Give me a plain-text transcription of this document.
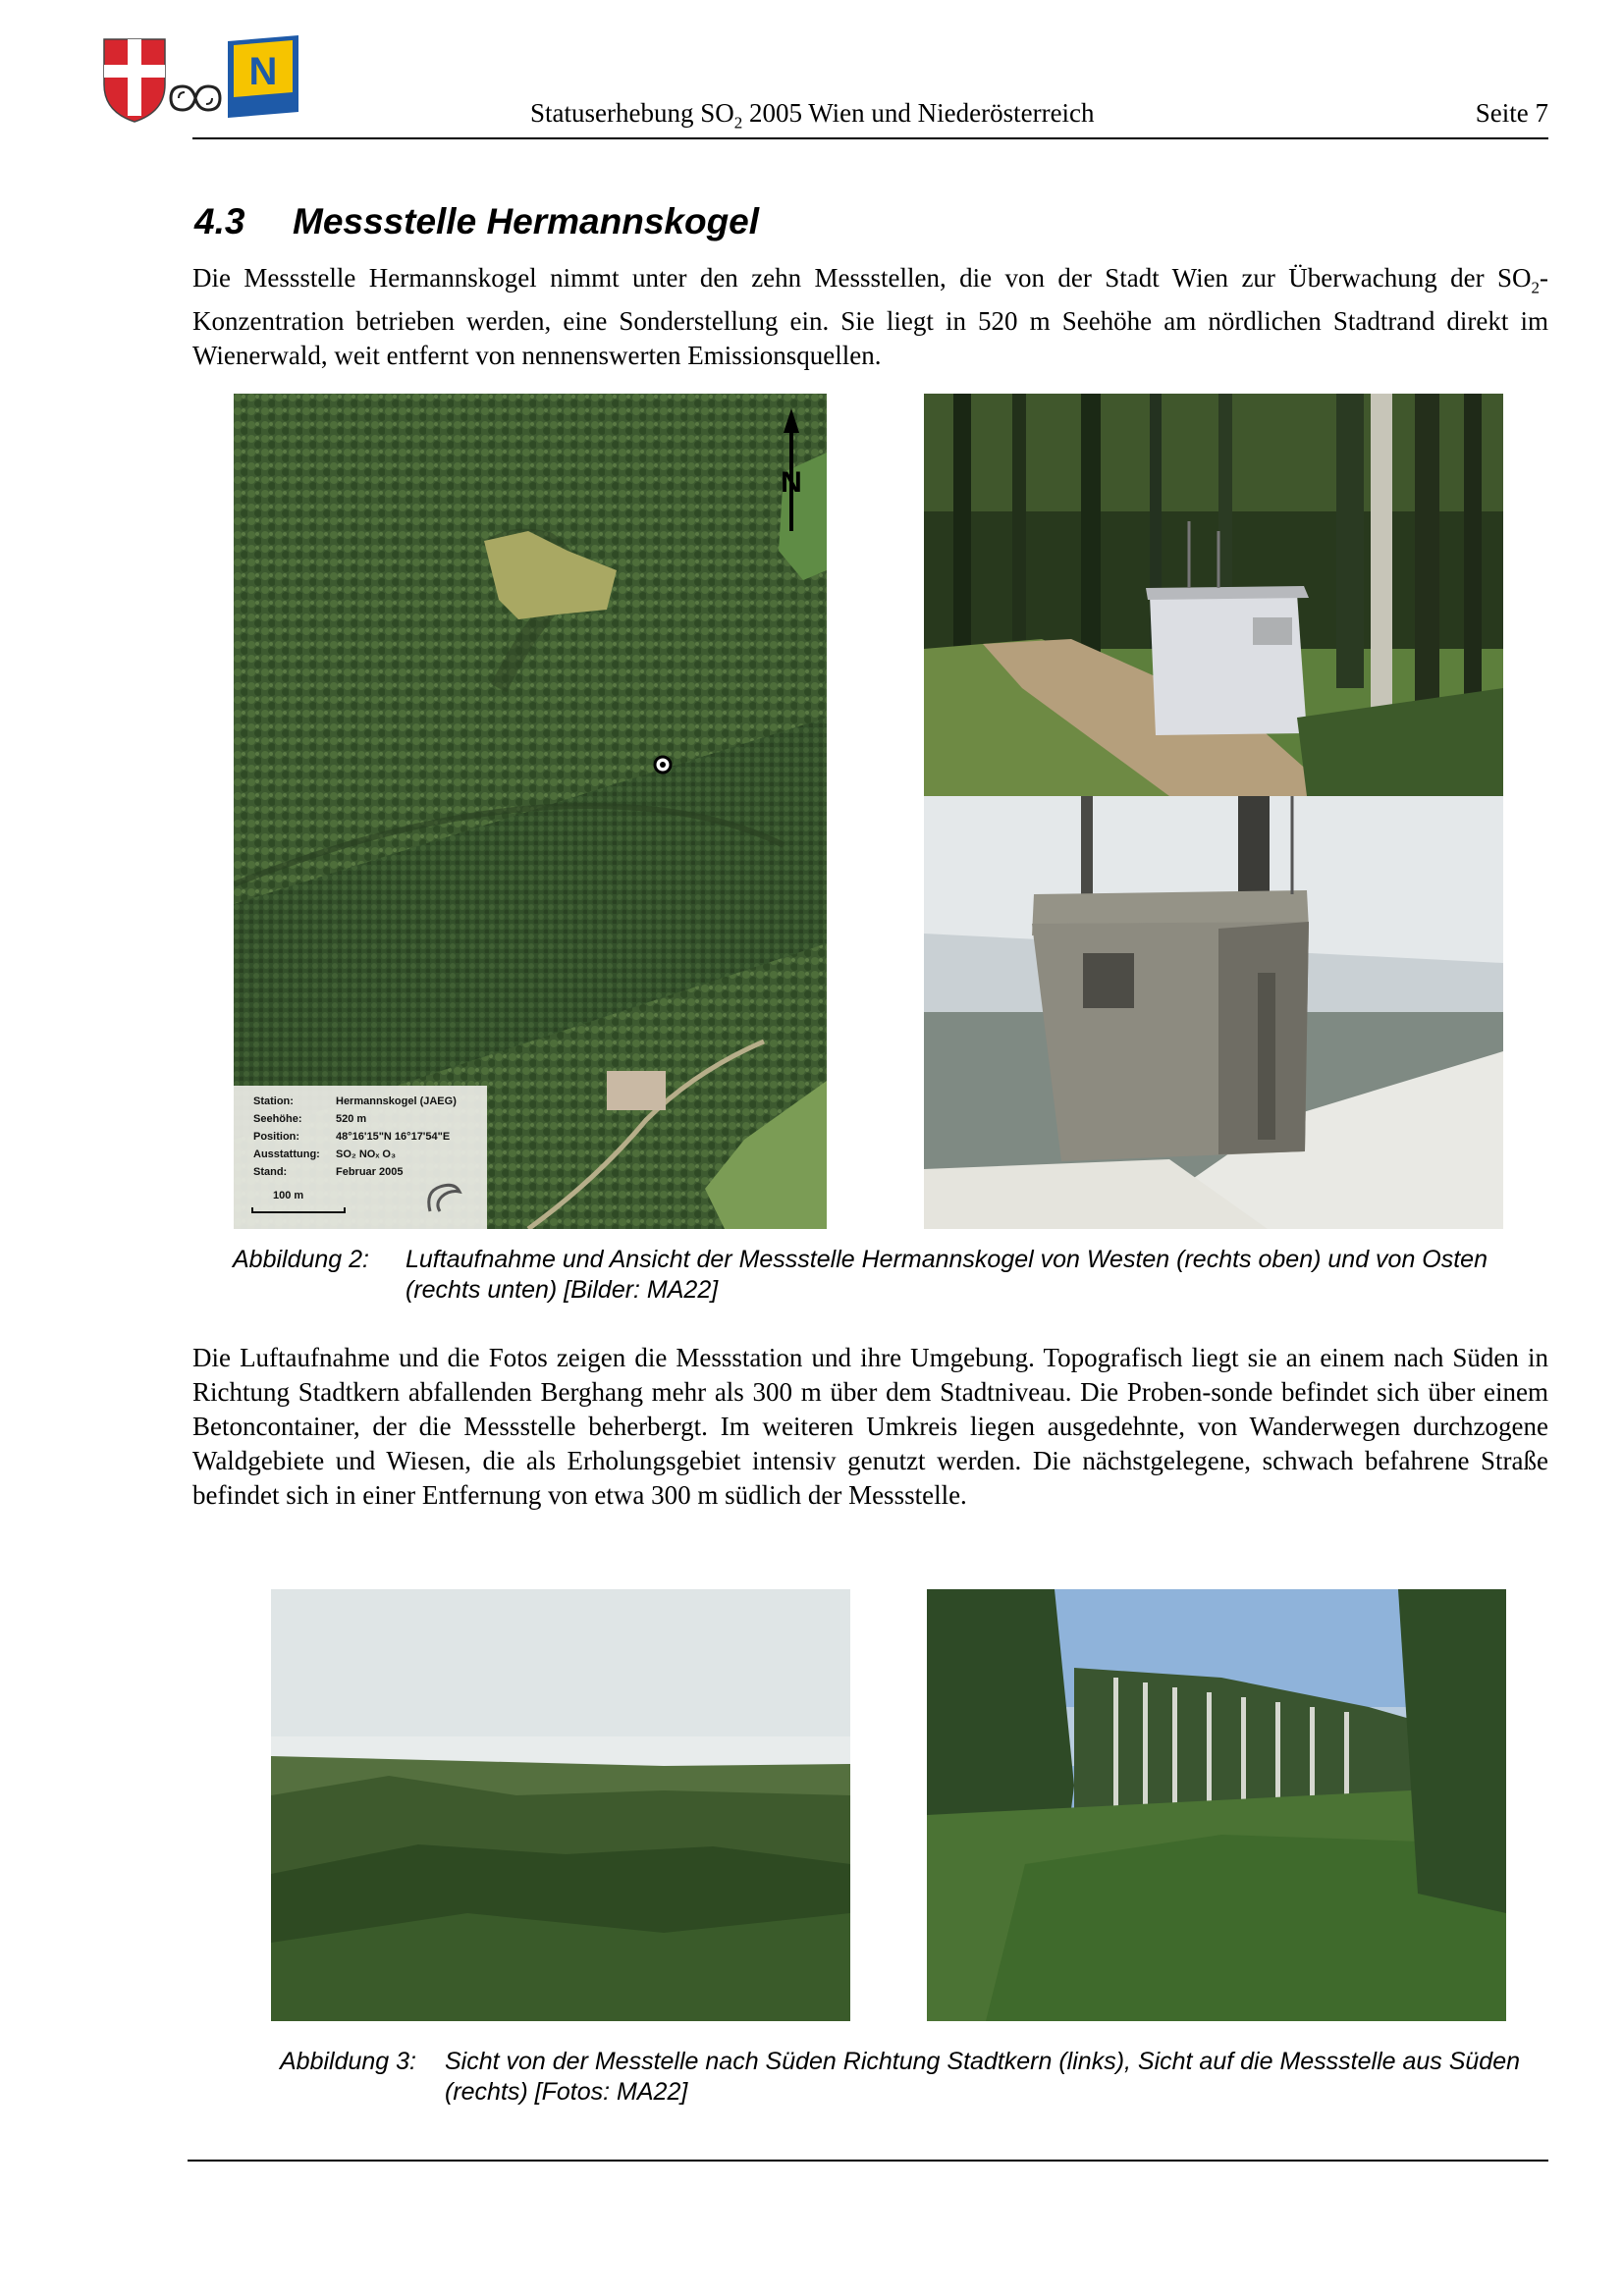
N
Statuserhebung $SO_2$ 2005 Wien und Niederösterreich	Seite 7
4.3 Messstelle Hermannskogel
Die Messstelle Hermannskogel nimmt unter den zehn Messstellen, die von der Stadt Wien zur Überwachung der $SO_2$-Konzentration betrieben werden, eine Sonderstellung ein. Sie liegt in 520 m Seehöhe am nördlichen Stadtrand direkt im Wienerwald, weit entfernt von nennenswerten Emissionsquellen.
N
Station:	Hermannskogel (JAEG)
Seehöhe:	520 m
Position:	48°16'15"N 16°17'54"E
Ausstattung: SO₂ NOₓ O₃
Stand:	Februar 2005
100 m
Abbildung 2: Luftaufnahme und Ansicht der Messstelle Hermannskogel von Westen (rechts oben) und von Osten (rechts unten) [Bilder: MA22]
Die Luftaufnahme und die Fotos zeigen die Messstation und ihre Umgebung. Topografisch liegt sie an einem nach Süden in Richtung Stadtkern abfallenden Berghang mehr als 300 m über dem Stadtniveau. Die Proben-sonde befindet sich über einem Betoncontainer, der die Messstelle beherbergt. Im weiteren Umkreis liegen ausgedehnte, von Wanderwegen durchzogene Waldgebiete und Wiesen, die als Erholungsgebiet intensiv genutzt werden. Die nächstgelegene, schwach befahrene Straße befindet sich in einer Entfernung von etwa 300 m südlich der Messstelle.
Abbildung 3: Sicht von der Messtelle nach Süden Richtung Stadtkern (links), Sicht auf die Messstelle aus Süden (rechts) [Fotos: MA22]
